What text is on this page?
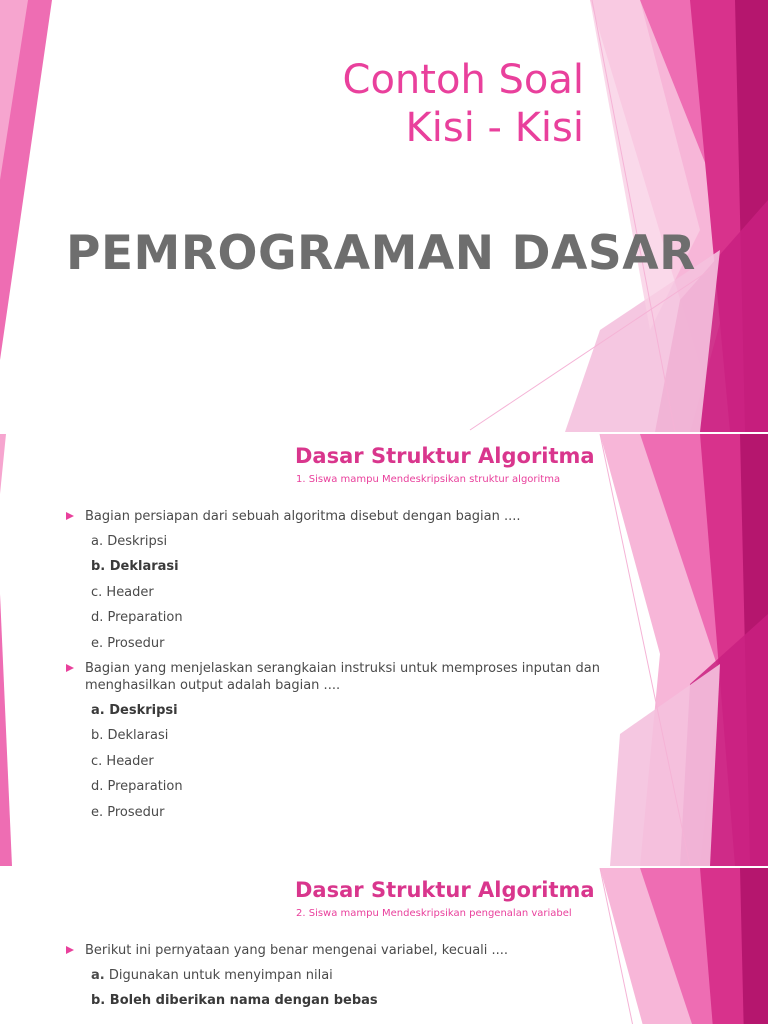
Contoh Soal
Kisi - Kisi
PEMROGRAMAN DASAR
Dasar Struktur Algoritma
1. Siswa mampu Mendeskripsikan struktur algoritma
Bagian persiapan dari sebuah algoritma disebut dengan bagian ....
a. Deskripsi
b. Deklarasi
c. Header
d. Preparation
e. Prosedur
Bagian yang menjelaskan serangkaian instruksi untuk memproses inputan dan menghasilkan output adalah bagian ....
a. Deskripsi
b. Deklarasi
c. Header
d. Preparation
e. Prosedur
Dasar Struktur Algoritma
2. Siswa mampu Mendeskripsikan pengenalan variabel
Berikut ini pernyataan yang benar mengenai variabel, kecuali ....
a. Digunakan untuk menyimpan nilai
b. Boleh diberikan nama dengan bebas
